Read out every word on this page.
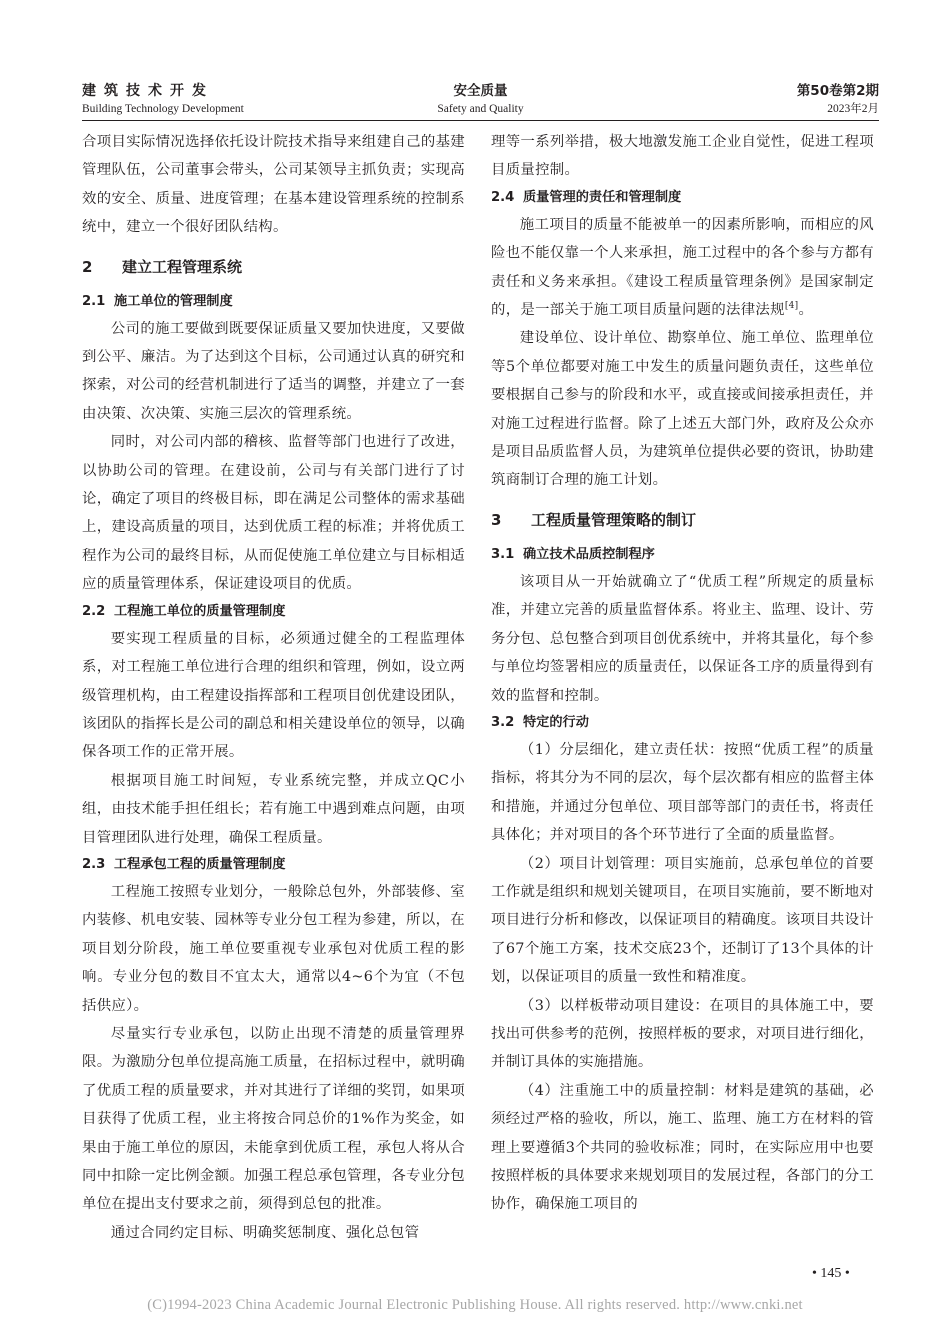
建筑技术开发
Building Technology Development
安全质量
Safety and Quality
第50卷第2期
2023年2月

合项目实际情况选择依托设计院技术指导来组建自己的基建管理队伍，公司董事会带头，公司某领导主抓负责；实现高效的安全、质量、进度管理；在基本建设管理系统的控制系统中，建立一个很好团队结构。

2 建立工程管理系统
2.1 施工单位的管理制度

公司的施工要做到既要保证质量又要加快进度，又要做到公平、廉洁。为了达到这个目标，公司通过认真的研究和探索，对公司的经营机制进行了适当的调整，并建立了一套由决策、次决策、实施三层次的管理系统。

同时，对公司内部的稽核、监督等部门也进行了改进，以协助公司的管理。在建设前，公司与有关部门进行了讨论，确定了项目的终极目标，即在满足公司整体的需求基础上，建设高质量的项目，达到优质工程的标准；并将优质工程作为公司的最终目标，从而促使施工单位建立与目标相适应的质量管理体系，保证建设项目的优质。

2.2 工程施工单位的质量管理制度

要实现工程质量的目标，必须通过健全的工程监理体系，对工程施工单位进行合理的组织和管理，例如，设立两级管理机构，由工程建设指挥部和工程项目创优建设团队，该团队的指挥长是公司的副总和相关建设单位的领导，以确保各项工作的正常开展。

根据项目施工时间短，专业系统完整，并成立QC小组，由技术能手担任组长；若有施工中遇到难点问题，由项目管理团队进行处理，确保工程质量。

2.3 工程承包工程的质量管理制度

工程施工按照专业划分，一般除总包外，外部装修、室内装修、机电安装、园林等专业分包工程为参建，所以，在项目划分阶段，施工单位要重视专业承包对优质工程的影响。专业分包的数目不宜太大，通常以4~6个为宜（不包括供应）。

尽量实行专业承包，以防止出现不清楚的质量管理界限。为激励分包单位提高施工质量，在招标过程中，就明确了优质工程的质量要求，并对其进行了详细的奖罚，如果项目获得了优质工程，业主将按合同总价的1%作为奖金，如果由于施工单位的原因，未能拿到优质工程，承包人将从合同中扣除一定比例金额。加强工程总承包管理，各专业分包单位在提出支付要求之前，须得到总包的批准。

通过合同约定目标、明确奖惩制度、强化总包管

理等一系列举措，极大地激发施工企业自觉性，促进工程项目质量控制。

2.4 质量管理的责任和管理制度

施工项目的质量不能被单一的因素所影响，而相应的风险也不能仅靠一个人来承担，施工过程中的各个参与方都有责任和义务来承担。《建设工程质量管理条例》是国家制定的，是一部关于施工项目质量问题的法律法规[4]。

建设单位、设计单位、勘察单位、施工单位、监理单位等5个单位都要对施工中发生的质量问题负责任，这些单位要根据自己参与的阶段和水平，或直接或间接承担责任，并对施工过程进行监督。除了上述五大部门外，政府及公众亦是项目品质监督人员，为建筑单位提供必要的资讯，协助建筑商制订合理的施工计划。

3 工程质量管理策略的制订
3.1 确立技术品质控制程序

该项目从一开始就确立了“优质工程”所规定的质量标准，并建立完善的质量监督体系。将业主、监理、设计、劳务分包、总包整合到项目创优系统中，并将其量化，每个参与单位均签署相应的质量责任，以保证各工序的质量得到有效的监督和控制。

3.2 特定的行动

（1）分层细化，建立责任状：按照“优质工程”的质量指标，将其分为不同的层次，每个层次都有相应的监督主体和措施，并通过分包单位、项目部等部门的责任书，将责任具体化；并对项目的各个环节进行了全面的质量监督。

（2）项目计划管理：项目实施前，总承包单位的首要工作就是组织和规划关键项目，在项目实施前，要不断地对项目进行分析和修改，以保证项目的精确度。该项目共设计了67个施工方案，技术交底23个，还制订了13个具体的计划，以保证项目的质量一致性和精准度。

（3）以样板带动项目建设：在项目的具体施工中，要找出可供参考的范例，按照样板的要求，对项目进行细化，并制订具体的实施措施。

（4）注重施工中的质量控制：材料是建筑的基础，必须经过严格的验收，所以，施工、监理、施工方在材料的管理上要遵循3个共同的验收标准；同时，在实际应用中也要按照样板的具体要求来规划项目的发展过程，各部门的分工协作，确保施工项目的

• 145 •
(C)1994-2023 China Academic Journal Electronic Publishing House. All rights reserved. http://www.cnki.net
